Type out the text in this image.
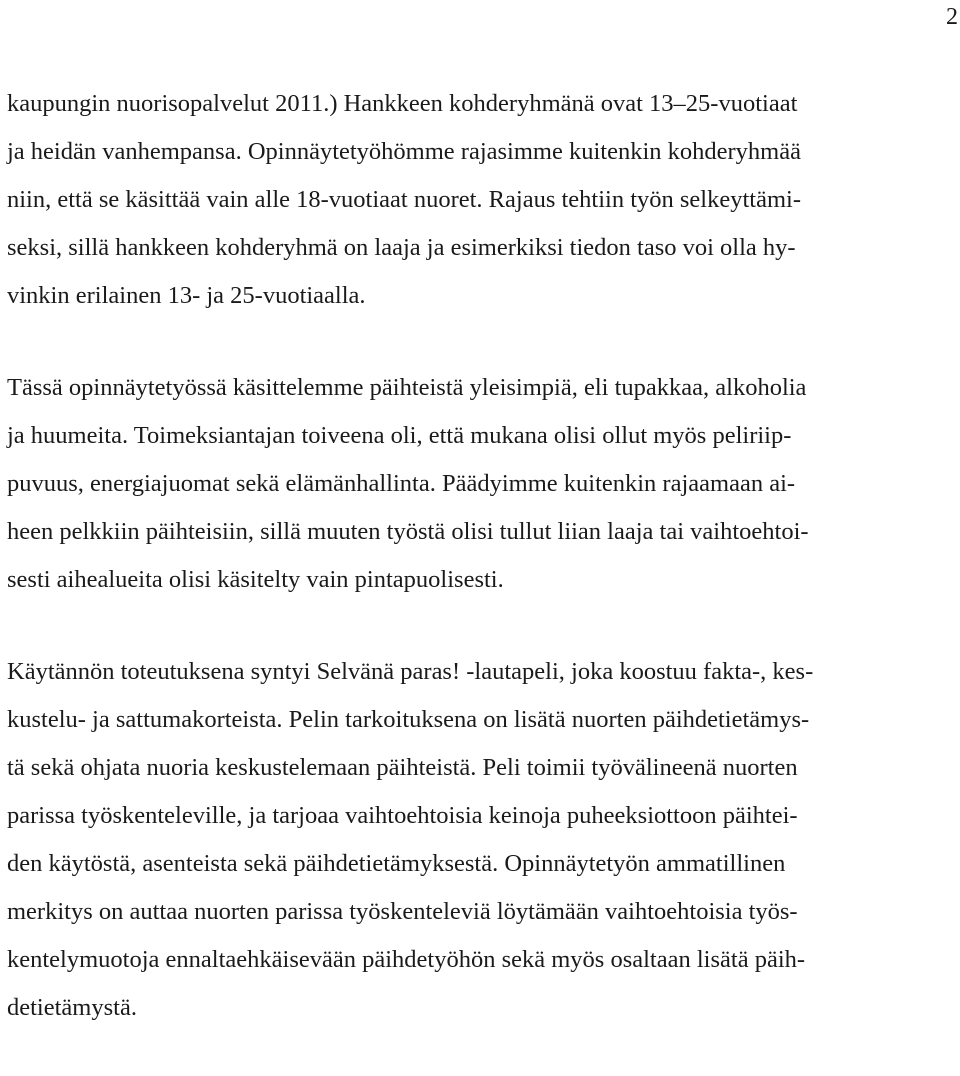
2
kaupungin nuorisopalvelut 2011.) Hankkeen kohderyhmänä ovat 13–25-vuotiaat
ja heidän vanhempansa. Opinnäytetyöhömme rajasimme kuitenkin kohderyhmää
niin, että se käsittää vain alle 18-vuotiaat nuoret. Rajaus tehtiin työn selkeyttämi-
seksi, sillä hankkeen kohderyhmä on laaja ja esimerkiksi tiedon taso voi olla hy-
vinkin erilainen 13- ja 25-vuotiaalla.
Tässä opinnäytetyössä käsittelemme päihteistä yleisimpiä, eli tupakkaa, alkoholia
ja huumeita. Toimeksiantajan toiveena oli, että mukana olisi ollut myös peliriip-
puvuus, energiajuomat sekä elämänhallinta. Päädyimme kuitenkin rajaamaan ai-
heen pelkkiin päihteisiin, sillä muuten työstä olisi tullut liian laaja tai vaihtoehtoi-
sesti aihealueita olisi käsitelty vain pintapuolisesti.
Käytännön toteutuksena syntyi Selvänä paras! -lautapeli, joka koostuu fakta-, kes-
kustelu- ja sattumakorteista. Pelin tarkoituksena on lisätä nuorten päihdetietämys-
tä sekä ohjata nuoria keskustelemaan päihteistä. Peli toimii työvälineenä nuorten
parissa työskenteleville, ja tarjoaa vaihtoehtoisia keinoja puheeksiottoon päihtei-
den käytöstä, asenteista sekä päihdetietämyksestä. Opinnäytetyön ammatillinen
merkitys on auttaa nuorten parissa työskenteleviä löytämään vaihtoehtoisia työs-
kentelymuotoja ennaltaehkäisevään päihdetyöhön sekä myös osaltaan lisätä päih-
detietämystä.
